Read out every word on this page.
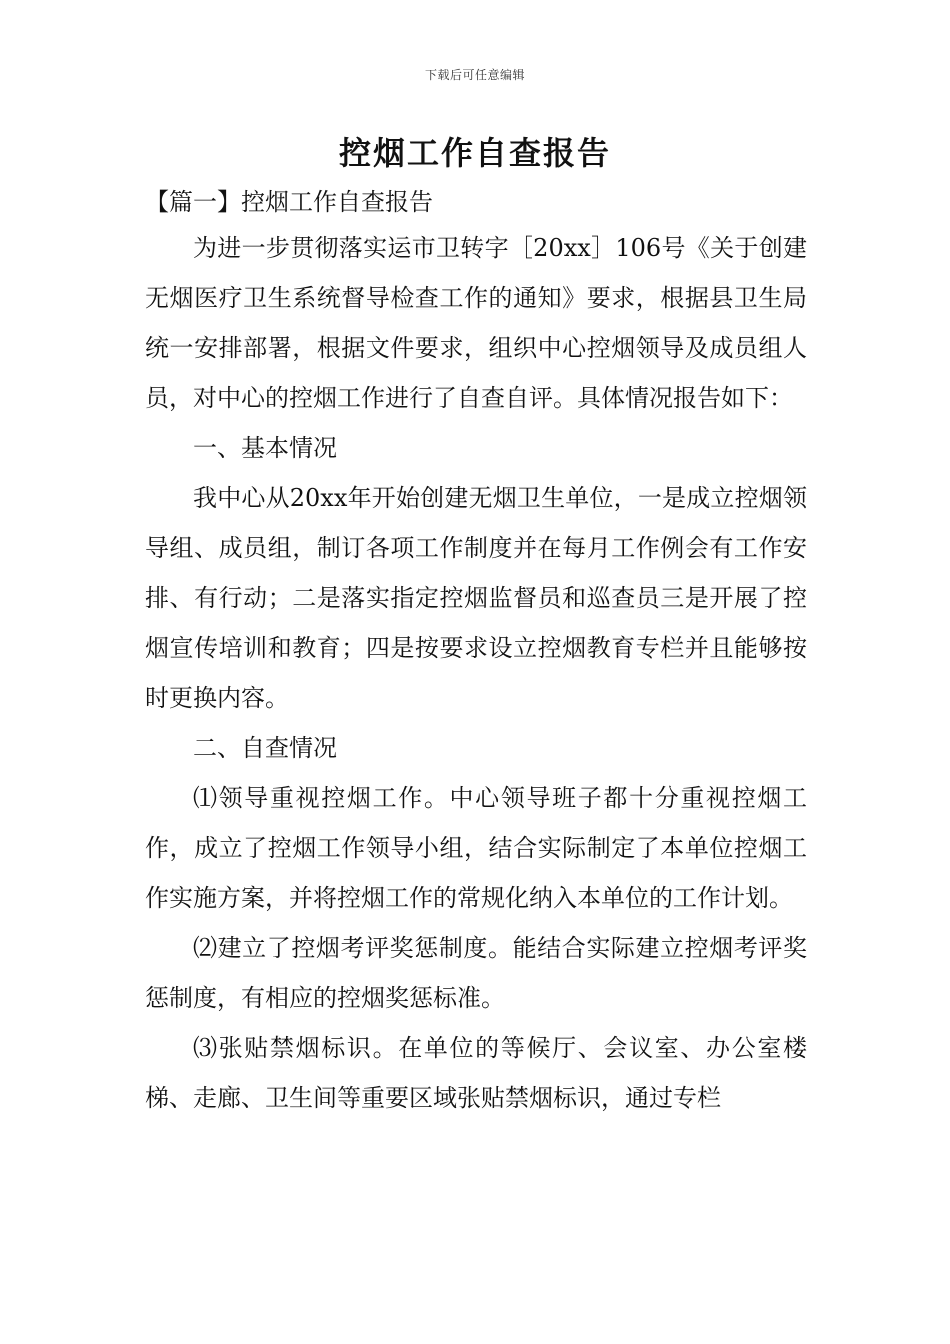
下载后可任意编辑
控烟工作自查报告
【篇一】控烟工作自查报告

为进一步贯彻落实运市卫转字［20xx］106号《关于创建无烟医疗卫生系统督导检查工作的通知》要求，根据县卫生局统一安排部署，根据文件要求，组织中心控烟领导及成员组人员，对中心的控烟工作进行了自查自评。具体情况报告如下：

一、基本情况

我中心从20xx年开始创建无烟卫生单位，一是成立控烟领导组、成员组，制订各项工作制度并在每月工作例会有工作安排、有行动；二是落实指定控烟监督员和巡查员三是开展了控烟宣传培训和教育；四是按要求设立控烟教育专栏并且能够按时更换内容。

二、自查情况

⑴领导重视控烟工作。中心领导班子都十分重视控烟工作，成立了控烟工作领导小组，结合实际制定了本单位控烟工作实施方案，并将控烟工作的常规化纳入本单位的工作计划。

⑵建立了控烟考评奖惩制度。能结合实际建立控烟考评奖惩制度，有相应的控烟奖惩标准。

⑶张贴禁烟标识。在单位的等候厅、会议室、办公室楼梯、走廊、卫生间等重要区域张贴禁烟标识，通过专栏
